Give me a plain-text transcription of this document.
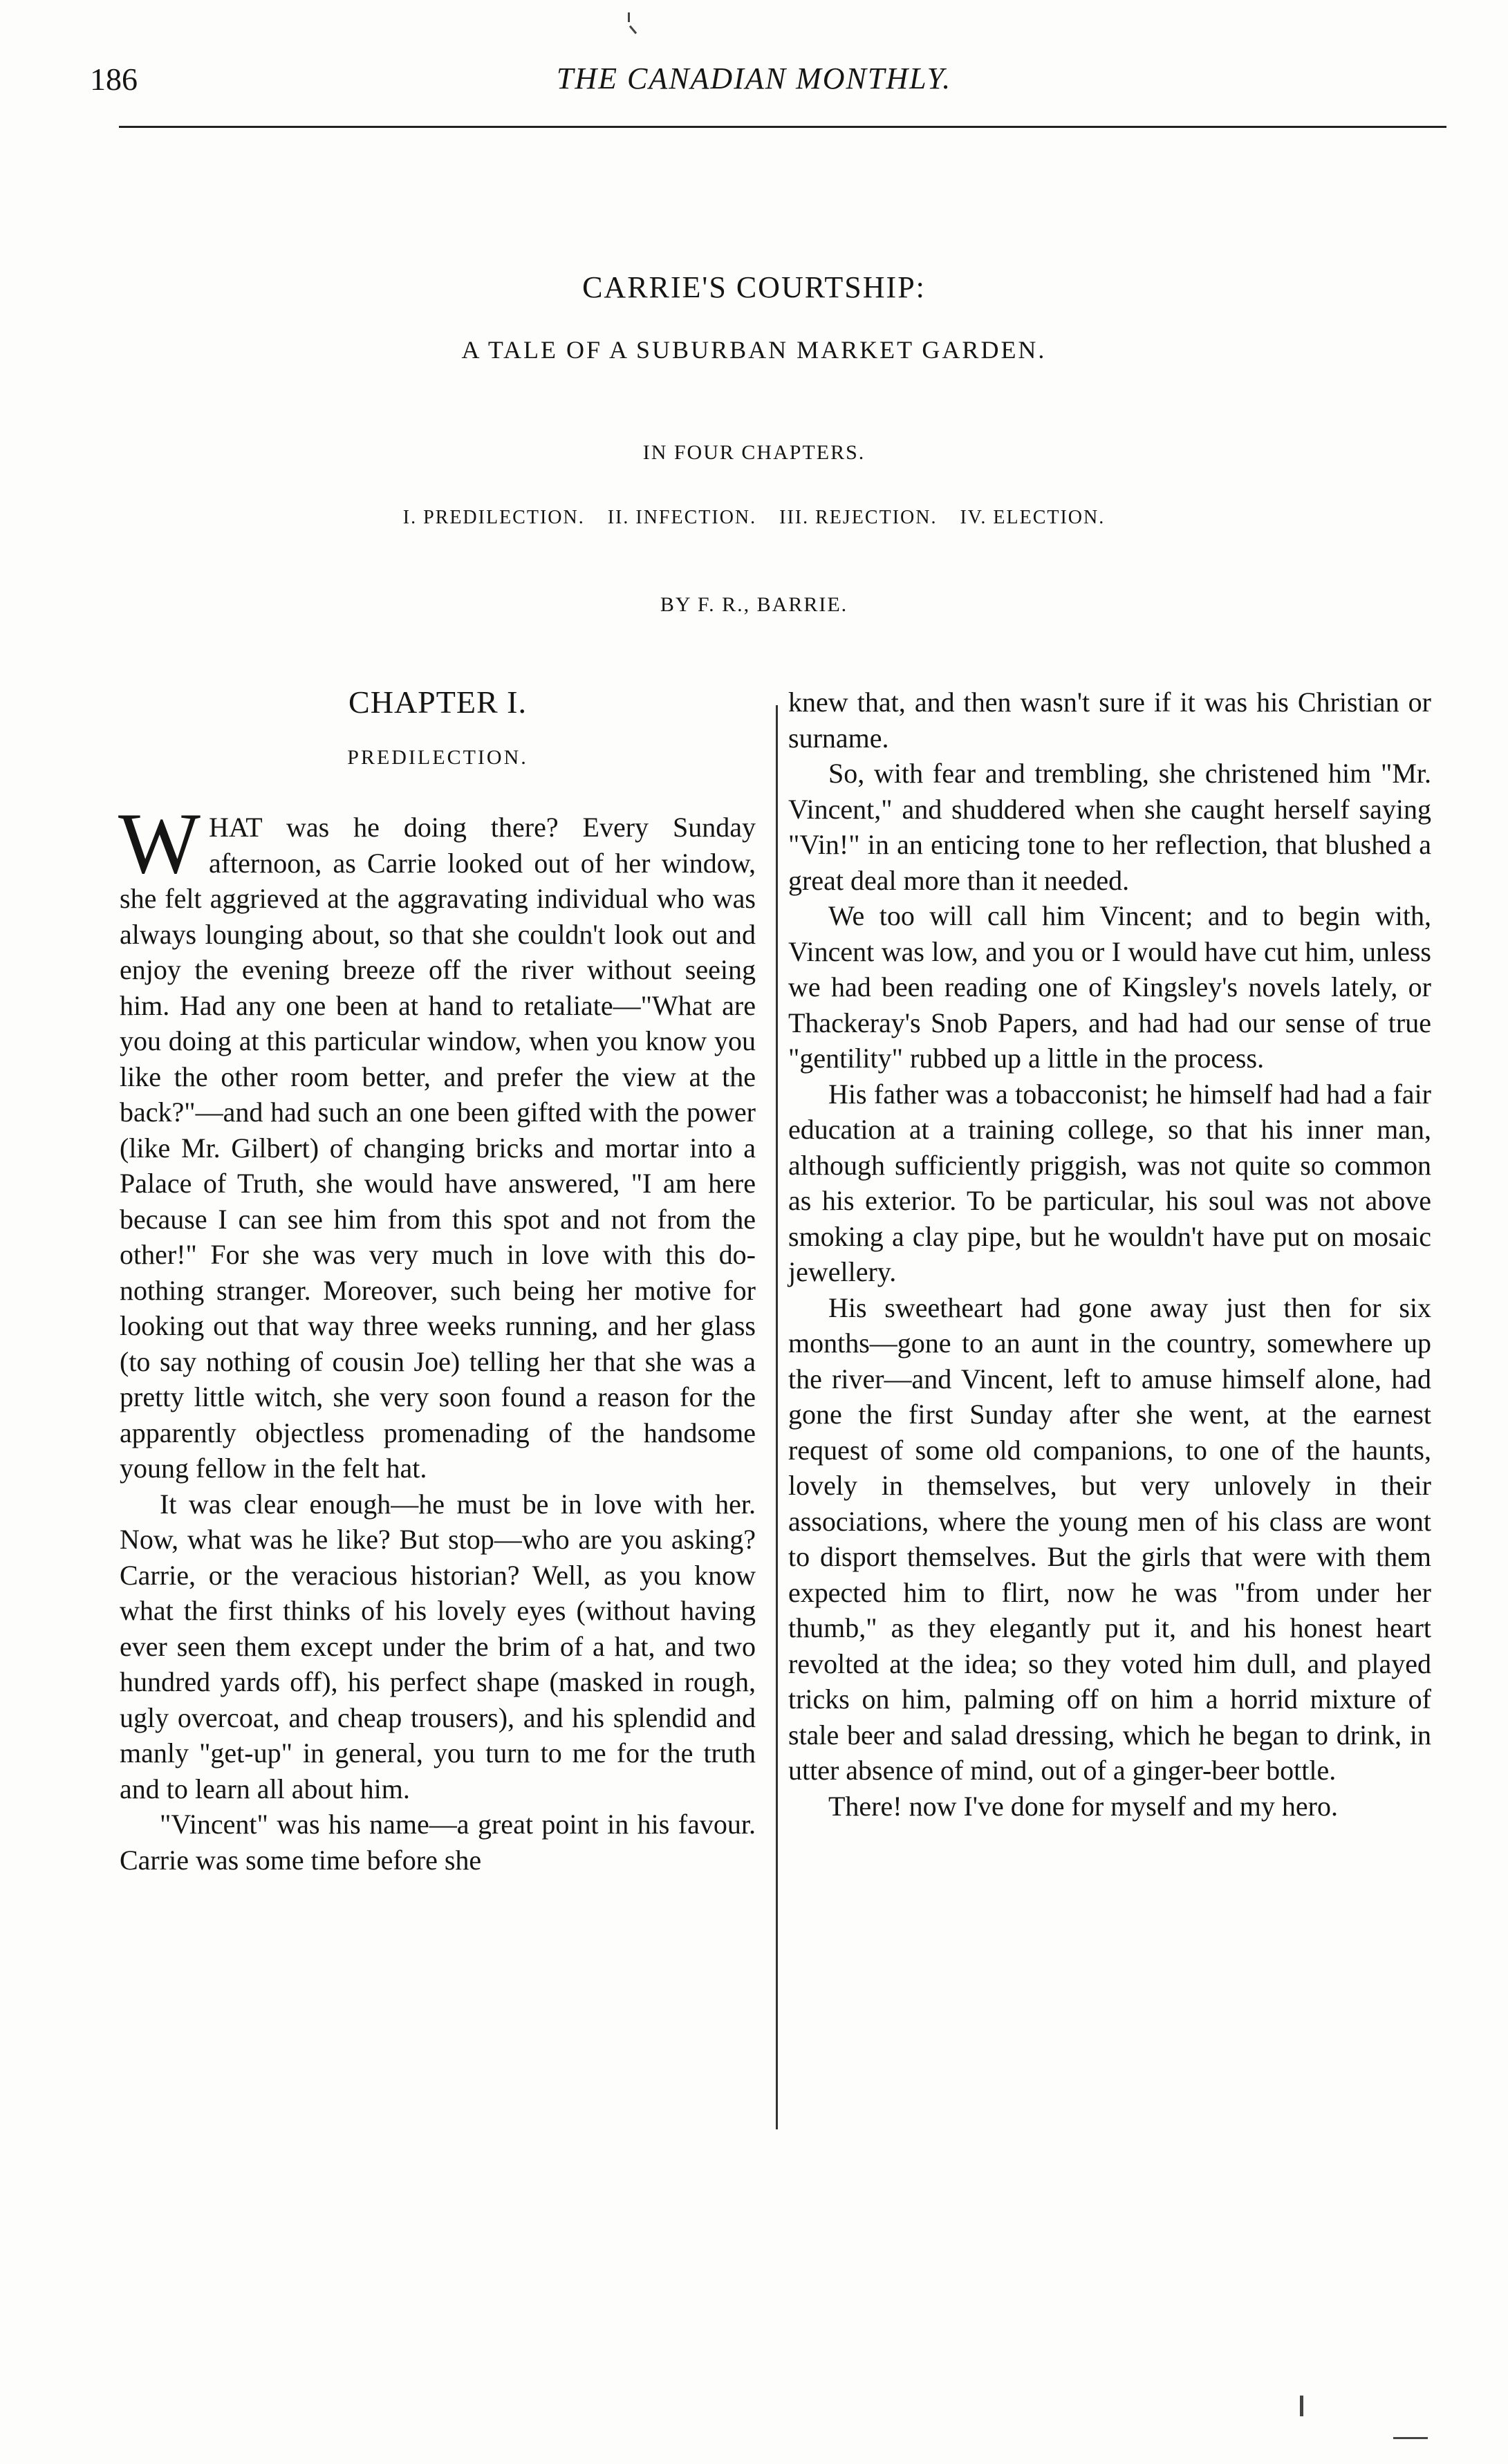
186	THE CANADIAN MONTHLY.
CARRIE'S COURTSHIP:
A TALE OF A SUBURBAN MARKET GARDEN.
IN FOUR CHAPTERS.
I. PREDILECTION. II. INFECTION. III. REJECTION. IV. ELECTION.
BY F. R., BARRIE.
CHAPTER I.
PREDILECTION.

WHAT was he doing there? Every Sunday afternoon, as Carrie looked out of her window, she felt aggrieved at the aggravating individual who was always lounging about, so that she couldn't look out and enjoy the evening breeze off the river without seeing him. Had any one been at hand to retaliate—"What are you doing at this particular window, when you know you like the other room better, and prefer the view at the back?"—and had such an one been gifted with the power (like Mr. Gilbert) of changing bricks and mortar into a Palace of Truth, she would have answered, "I am here because I can see him from this spot and not from the other!" For she was very much in love with this do-nothing stranger. Moreover, such being her motive for looking out that way three weeks running, and her glass (to say nothing of cousin Joe) telling her that she was a pretty little witch, she very soon found a reason for the apparently objectless promenading of the handsome young fellow in the felt hat.

It was clear enough—he must be in love with her. Now, what was he like? But stop—who are you asking? Carrie, or the veracious historian? Well, as you know what the first thinks of his lovely eyes (without having ever seen them except under the brim of a hat, and two hundred yards off), his perfect shape (masked in rough, ugly overcoat, and cheap trousers), and his splendid and manly "get-up" in general, you turn to me for the truth and to learn all about him.

"Vincent" was his name—a great point in his favour. Carrie was some time before she

knew that, and then wasn't sure if it was his Christian or surname.

So, with fear and trembling, she christened him "Mr. Vincent," and shuddered when she caught herself saying "Vin!" in an enticing tone to her reflection, that blushed a great deal more than it needed.

We too will call him Vincent; and to begin with, Vincent was low, and you or I would have cut him, unless we had been reading one of Kingsley's novels lately, or Thackeray's Snob Papers, and had had our sense of true "gentility" rubbed up a little in the process.

His father was a tobacconist; he himself had had a fair education at a training college, so that his inner man, although sufficiently priggish, was not quite so common as his exterior. To be particular, his soul was not above smoking a clay pipe, but he wouldn't have put on mosaic jewellery.

His sweetheart had gone away just then for six months—gone to an aunt in the country, somewhere up the river—and Vincent, left to amuse himself alone, had gone the first Sunday after she went, at the earnest request of some old companions, to one of the haunts, lovely in themselves, but very unlovely in their associations, where the young men of his class are wont to disport themselves. But the girls that were with them expected him to flirt, now he was "from under her thumb," as they elegantly put it, and his honest heart revolted at the idea; so they voted him dull, and played tricks on him, palming off on him a horrid mixture of stale beer and salad dressing, which he began to drink, in utter absence of mind, out of a ginger-beer bottle.

There! now I've done for myself and my hero.
